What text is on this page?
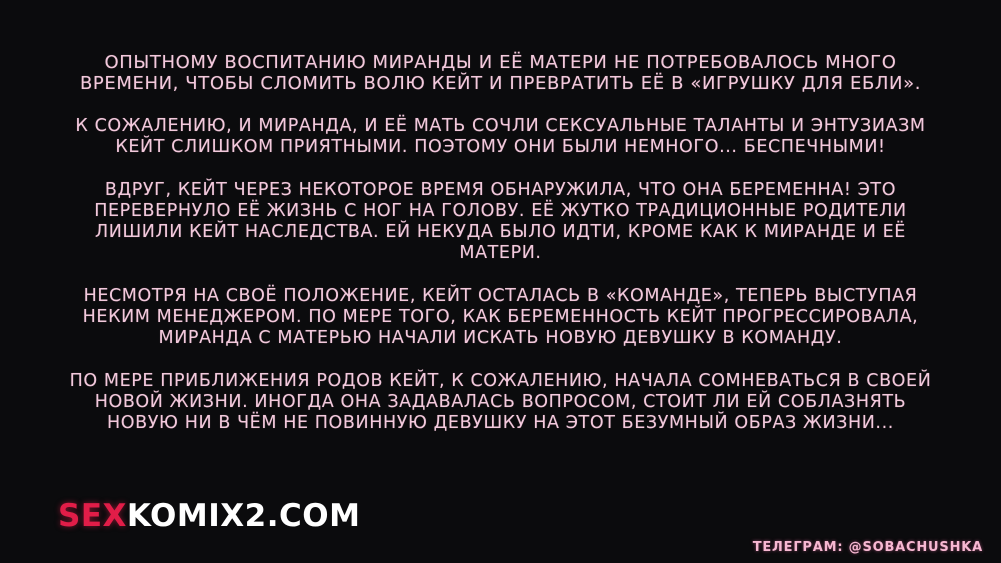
ОПЫТНОМУ ВОСПИТАНИЮ МИРАНДЫ И ЕЁ МАТЕРИ НЕ ПОТРЕБОВАЛОСЬ МНОГО ВРЕМЕНИ, ЧТОБЫ СЛОМИТЬ ВОЛЮ КЕЙТ И ПРЕВРАТИТЬ ЕЁ В «ИГРУШКУ ДЛЯ ЕБЛИ».

К СОЖАЛЕНИЮ, И МИРАНДА, И ЕЁ МАТЬ СОЧЛИ СЕКСУАЛЬНЫЕ ТАЛАНТЫ И ЭНТУЗИАЗМ КЕЙТ СЛИШКОМ ПРИЯТНЫМИ. ПОЭТОМУ ОНИ БЫЛИ НЕМНОГО... БЕСПЕЧНЫМИ!

ВДРУГ, КЕЙТ ЧЕРЕЗ НЕКОТОРОЕ ВРЕМЯ ОБНАРУЖИЛА, ЧТО ОНА БЕРЕМЕННА! ЭТО ПЕРЕВЕРНУЛО ЕЁ ЖИЗНЬ С НОГ НА ГОЛОВУ. ЕЁ ЖУТКО ТРАДИЦИОННЫЕ РОДИТЕЛИ ЛИШИЛИ КЕЙТ НАСЛЕДСТВА. ЕЙ НЕКУДА БЫЛО ИДТИ, КРОМЕ КАК К МИРАНДЕ И ЕЁ МАТЕРИ.

НЕСМОТРЯ НА СВОЁ ПОЛОЖЕНИЕ, КЕЙТ ОСТАЛАСЬ В «КОМАНДЕ», ТЕПЕРЬ ВЫСТУПАЯ НЕКИМ МЕНЕДЖЕРОМ. ПО МЕРЕ ТОГО, КАК БЕРЕМЕННОСТЬ КЕЙТ ПРОГРЕССИРОВАЛА, МИРАНДА С МАТЕРЬЮ НАЧАЛИ ИСКАТЬ НОВУЮ ДЕВУШКУ В КОМАНДУ.

ПО МЕРЕ ПРИБЛИЖЕНИЯ РОДОВ КЕЙТ, К СОЖАЛЕНИЮ, НАЧАЛА СОМНЕВАТЬСЯ В СВОЕЙ НОВОЙ ЖИЗНИ. ИНОГДА ОНА ЗАДАВАЛАСЬ ВОПРОСОМ, СТОИТ ЛИ ЕЙ СОБЛАЗНЯТЬ НОВУЮ НИ В ЧЁМ НЕ ПОВИННУЮ ДЕВУШКУ НА ЭТОТ БЕЗУМНЫЙ ОБРАЗ ЖИЗНИ...

SEXKOMIX2.COM
ТЕЛЕГРАМ: @SOBACHUSHKA
